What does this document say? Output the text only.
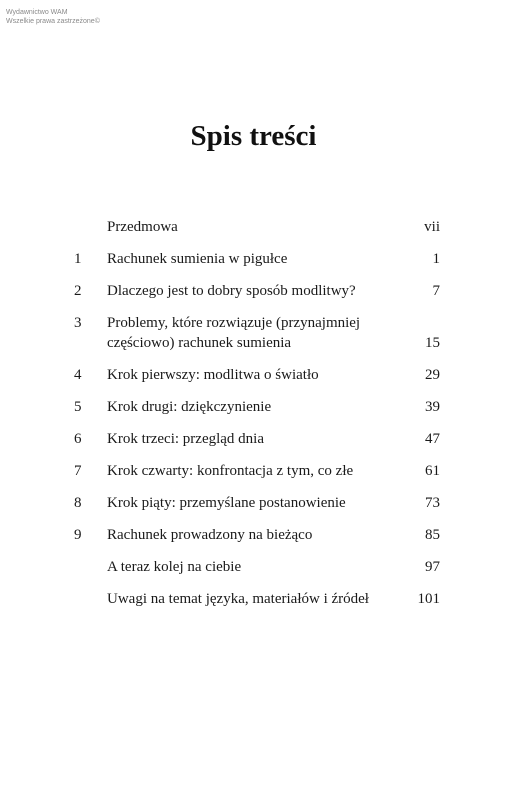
Wydawnictwo WAM
Wszelkie prawa zastrzeżone©
Spis treści
Przedmowa	vii
1	Rachunek sumienia w pigułce	1
2	Dlaczego jest to dobry sposób modlitwy?	7
3	Problemy, które rozwiązuje (przynajmniej częściowo) rachunek sumienia	15
4	Krok pierwszy: modlitwa o światło	29
5	Krok drugi: dziękczynienie	39
6	Krok trzeci: przegląd dnia	47
7	Krok czwarty: konfrontacja z tym, co złe	61
8	Krok piąty: przemyślane postanowienie	73
9	Rachunek prowadzony na bieżąco	85
A teraz kolej na ciebie	97
Uwagi na temat języka, materiałów i źródeł	101
